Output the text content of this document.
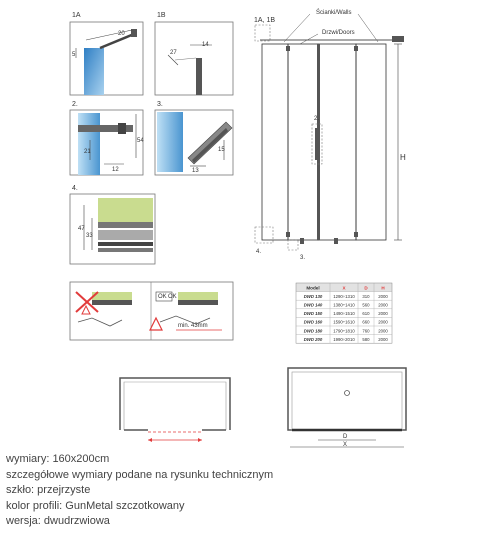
1A
20
5
1B
14
27
2.
21
54
12
3.
15
13
4.
47
33
OK OK
min. 43mm
1A, 1B
Ścianki/Walls
Drzwi/Doors
2.
4.
3.
H
Model	X	D	H
DWD 130	1290÷1310 310 2000
DWD 140	1380÷1410 560 2000
DWD 150	1490÷1510 610 2000
DWD 160	1590÷1610 660 2000
DWD 180	1790÷1810 760 2000
DWD 200	1990÷2010 580 2000
D
X
wymiary: 160x200cm
szczegółowe wymiary podane na rysunku technicznym
szkło: przejrzyste
kolor profili: GunMetal szczotkowany
wersja: dwudrzwiowa
